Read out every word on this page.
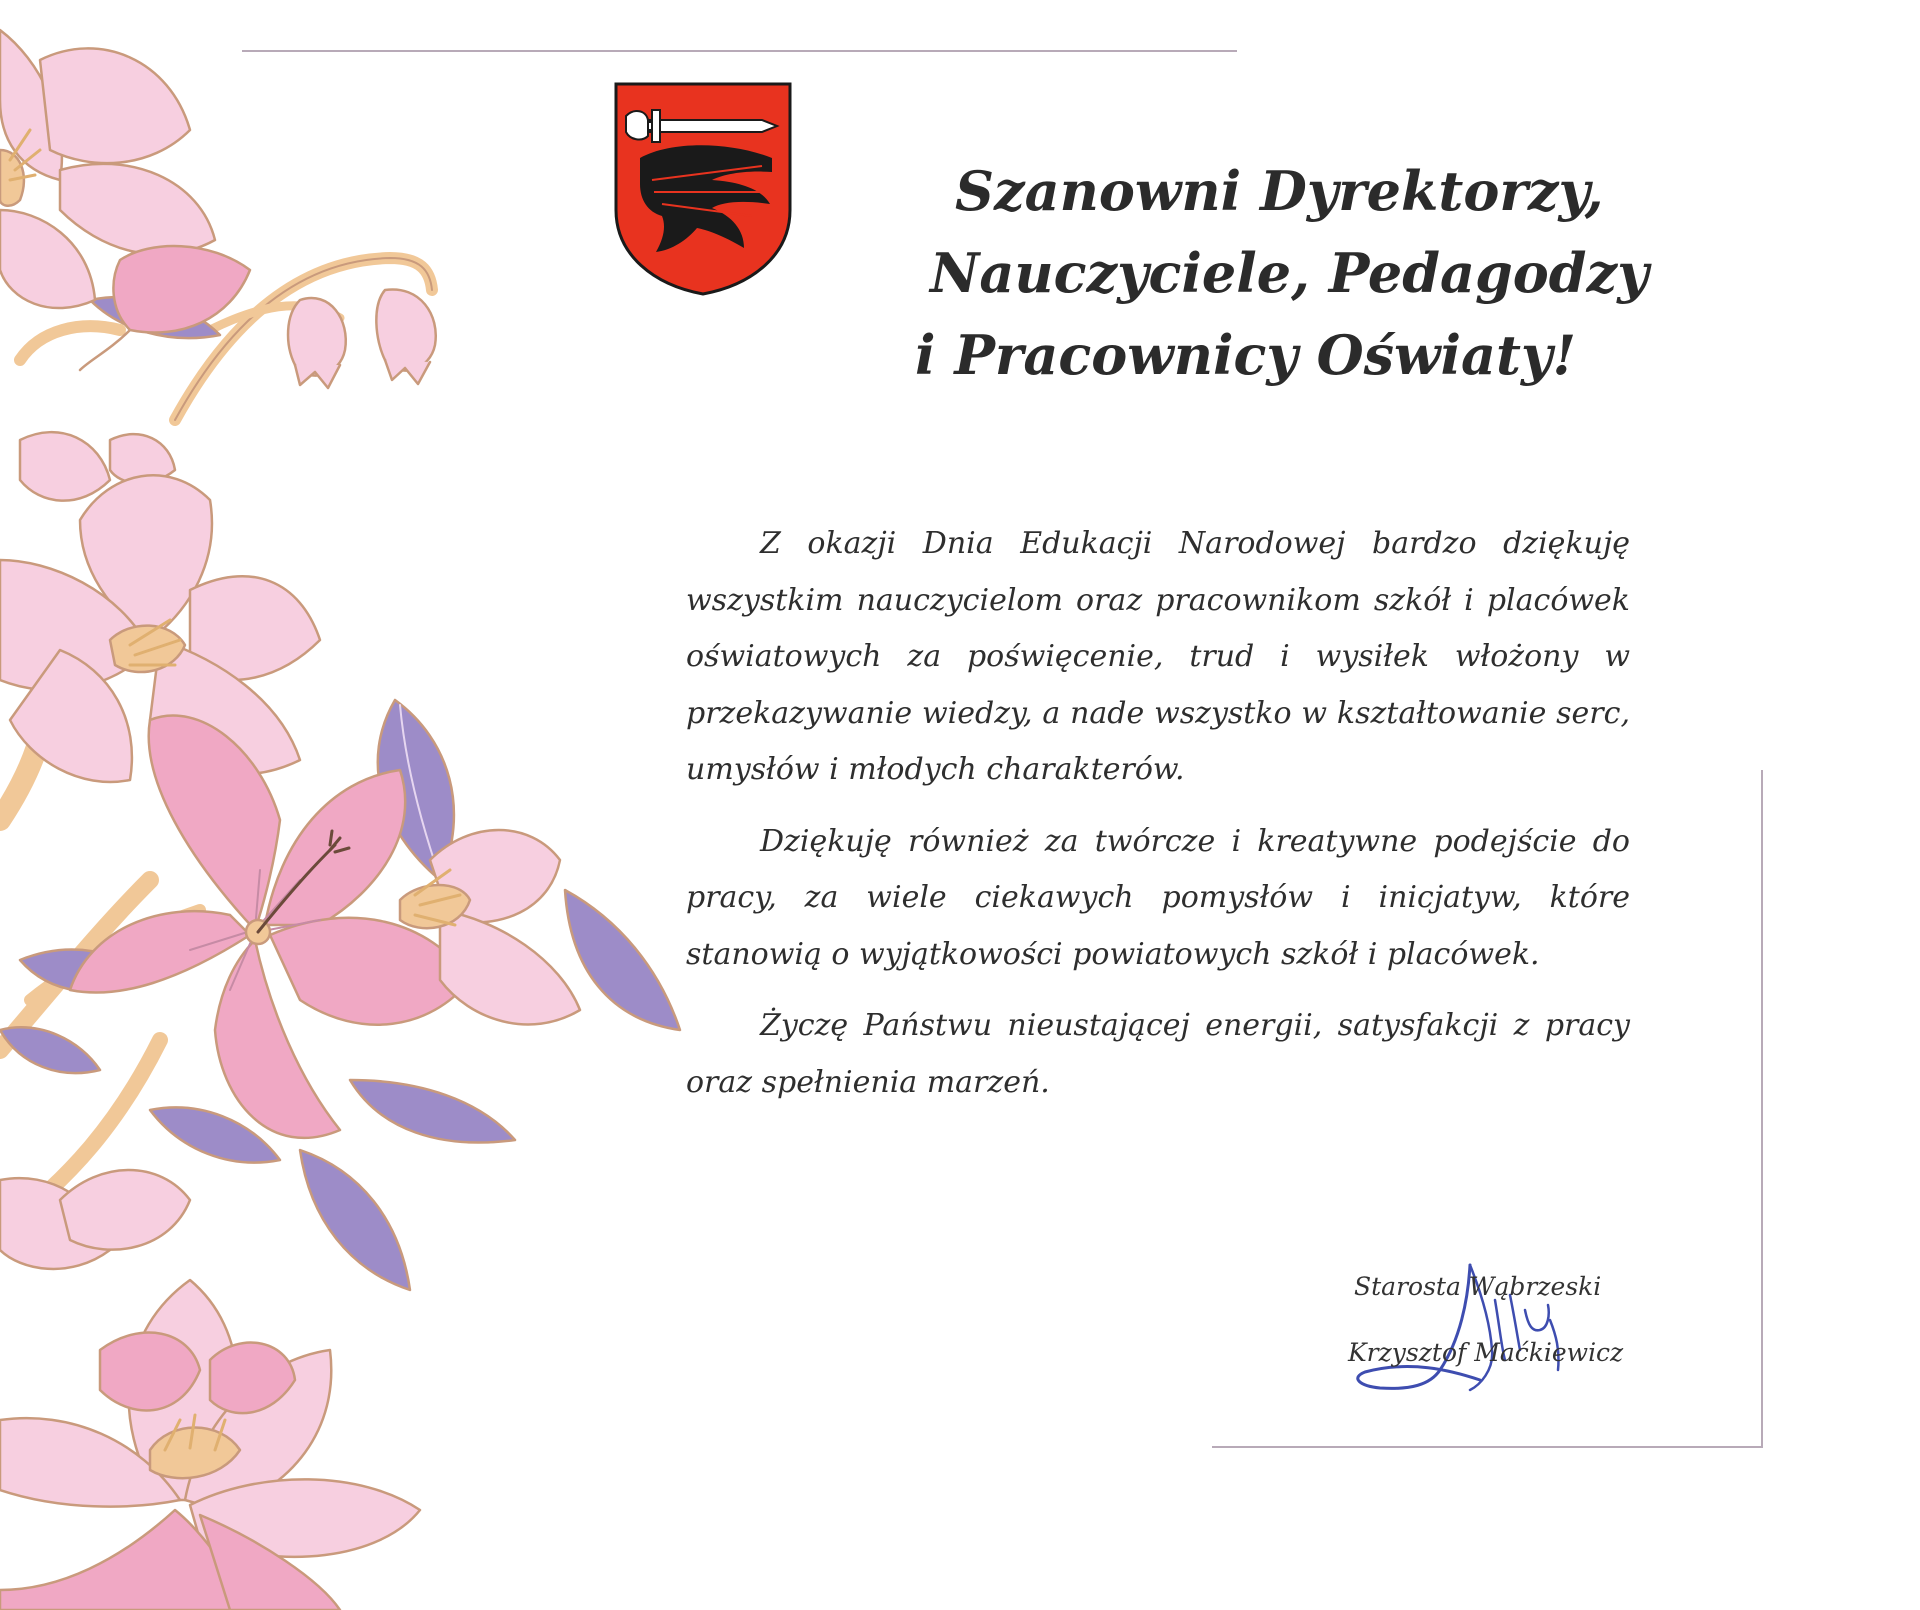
Szanowni Dyrektorzy,
Nauczyciele, Pedagodzy
i Pracownicy Oświaty!

Z okazji Dnia Edukacji Narodowej bardzo dziękuję wszystkim nauczycielom oraz pracownikom szkół i placówek oświatowych za poświęcenie, trud i wysiłek włożony w przekazywanie wiedzy, a nade wszystko w kształtowanie serc, umysłów i młodych charakterów.

Dziękuję również za twórcze i kreatywne podejście do pracy, za wiele ciekawych pomysłów i inicjatyw, które stanowią o wyjątkowości powiatowych szkół i placówek.

Życzę Państwu nieustającej energii, satysfakcji z pracy oraz spełnienia marzeń.

Starosta Wąbrzeski
Krzysztof Maćkiewicz
